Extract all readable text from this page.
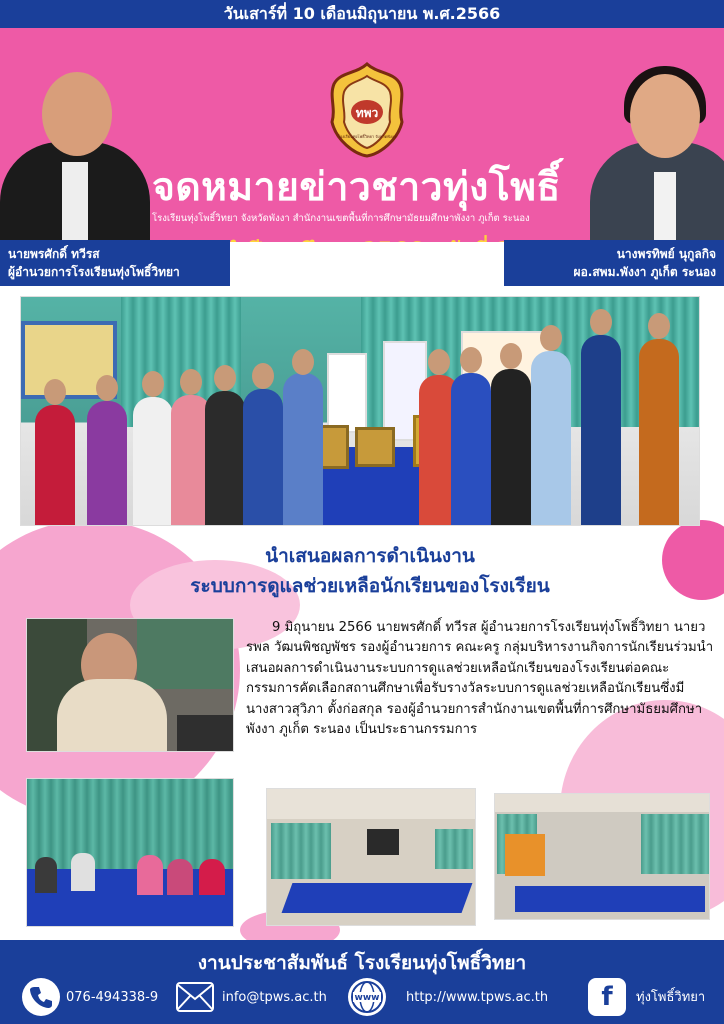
วันเสาร์ที่ 10 เดือนมิถุนายน พ.ศ.2566
ทพว
โรงเรียนทุ่งโพธิ์วิทยา จังหวัดพังงา
จดหมายข่าวชาวทุ่งโพธิ์
โรงเรียนทุ่งโพธิ์วิทยา จังหวัดพังงา สำนักงานเขตพื้นที่การศึกษามัธยมศึกษาพังงา ภูเก็ต ระนอง
นายพรศักดิ์ ทวีรส
ผู้อำนวยการโรงเรียนทุ่งโพธิ์วิทยา
นางพรทิพย์ นุกูลกิจ
ผอ.สพม.พังงา ภูเก็ต ระนอง
นำเสนอผลการดำเนินงาน
ระบบการดูแลช่วยเหลือนักเรียนของโรงเรียน

9 มิถุนายน 2566 นายพรศักดิ์ ทวีรส ผู้อำนวยการโรงเรียนทุ่งโพธิ์วิทยา นายวรพล วัฒนพิชญพัชร รองผู้อำนวยการ คณะครู กลุ่มบริหารงานกิจการนักเรียนร่วมนำเสนอผลการดำเนินงานระบบการดูแลช่วยเหลือนักเรียนของโรงเรียนต่อคณะกรรมการคัดเลือกสถานศึกษาเพื่อรับรางวัลระบบการดูแลช่วยเหลือนักเรียนซึ่งมีนางสาวสุวิภา ตั้งก่อสกุล รองผู้อำนวยการสำนักงานเขตพื้นที่การศึกษามัธยมศึกษา พังงา ภูเก็ต ระนอง เป็นประธานกรรมการ

งานประชาสัมพันธ์ โรงเรียนทุ่งโพธิ์วิทยา
076-494338-9	info@tpws.ac.th	www http://www.tpws.ac.th	f	ทุ่งโพธิ์วิทยา
